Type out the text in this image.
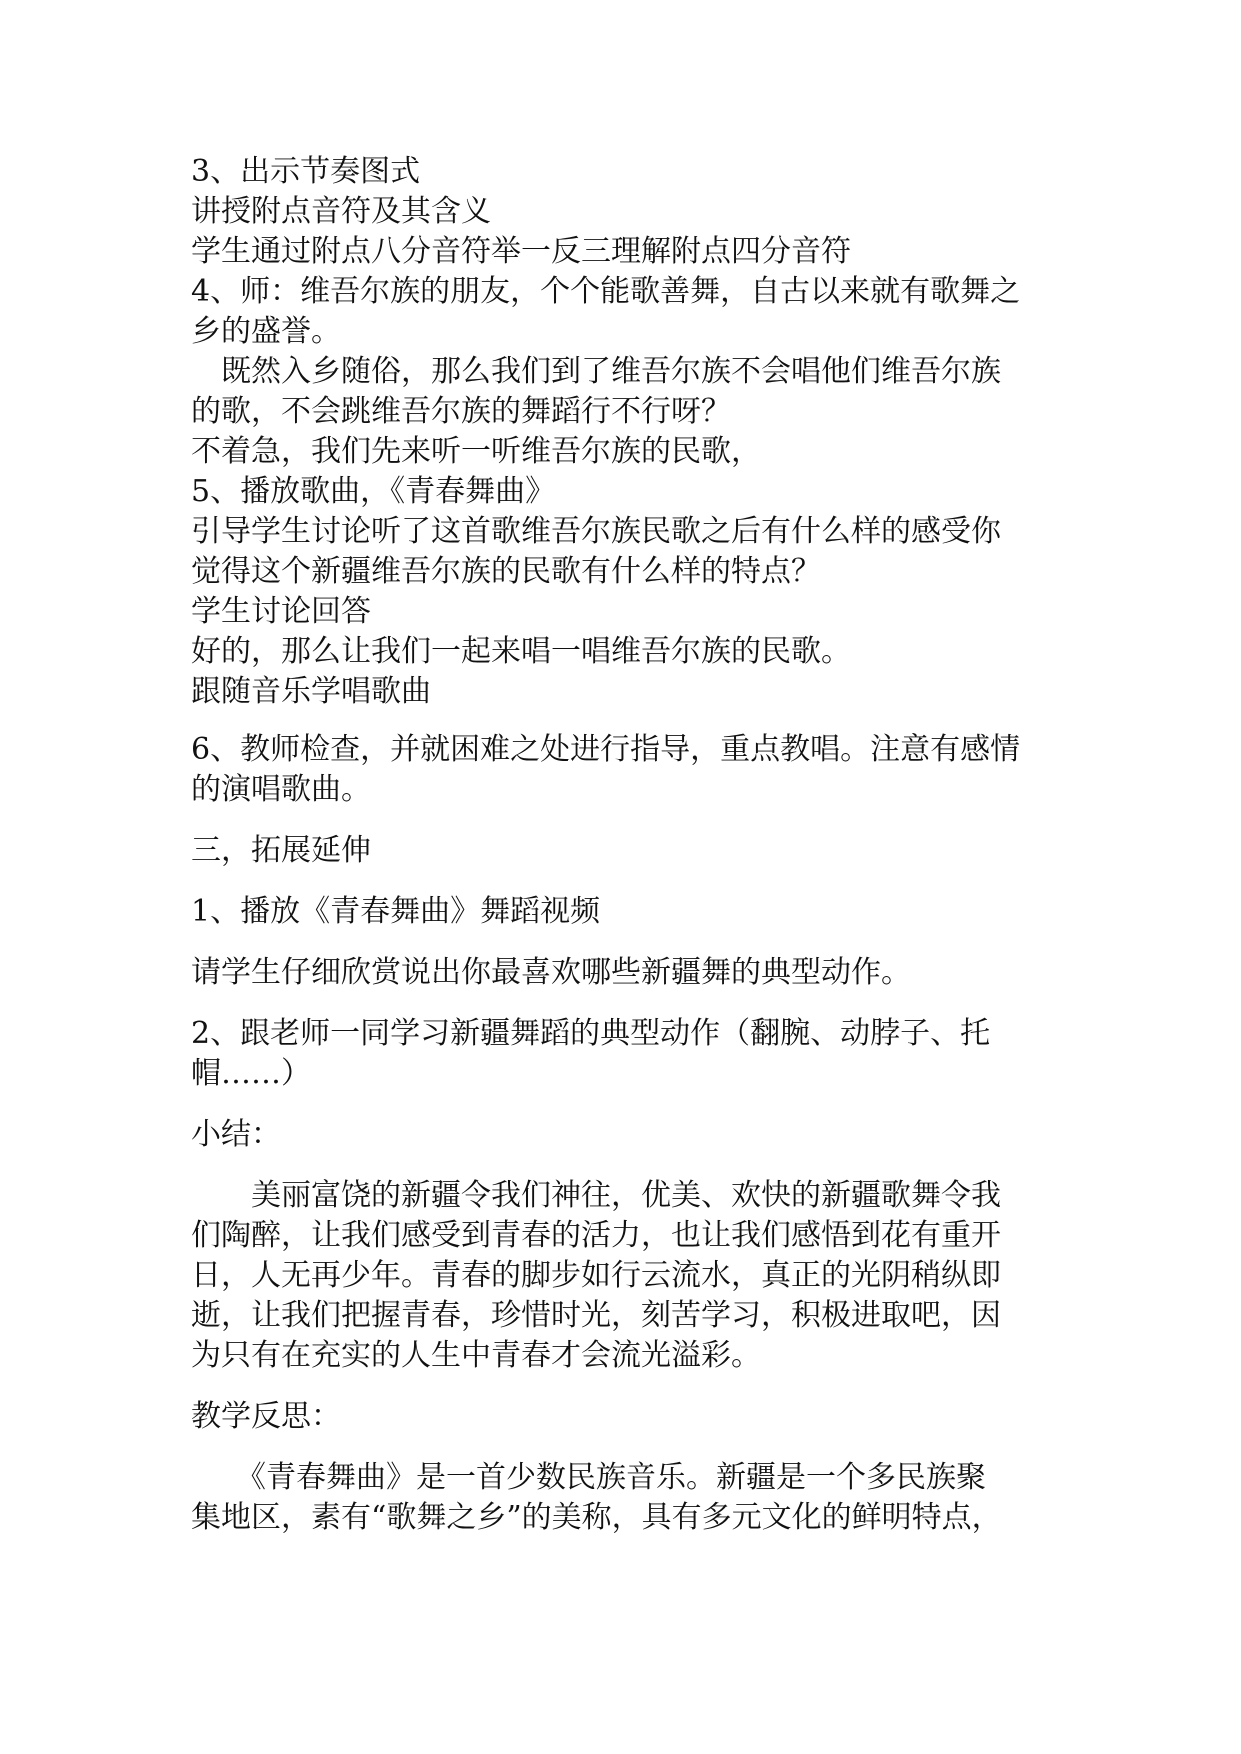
3、出示节奏图式
讲授附点音符及其含义
学生通过附点八分音符举一反三理解附点四分音符
4、师：维吾尔族的朋友，个个能歌善舞，自古以来就有歌舞之
乡的盛誉。
　既然入乡随俗，那么我们到了维吾尔族不会唱他们维吾尔族
的歌，不会跳维吾尔族的舞蹈行不行呀？
不着急，我们先来听一听维吾尔族的民歌，
5、播放歌曲，《青春舞曲》
引导学生讨论听了这首歌维吾尔族民歌之后有什么样的感受你
觉得这个新疆维吾尔族的民歌有什么样的特点？
学生讨论回答
好的，那么让我们一起来唱一唱维吾尔族的民歌。
跟随音乐学唱歌曲
6、教师检查，并就困难之处进行指导，重点教唱。注意有感情
的演唱歌曲。
三，拓展延伸
1、播放《青春舞曲》舞蹈视频
请学生仔细欣赏说出你最喜欢哪些新疆舞的典型动作。
2、跟老师一同学习新疆舞蹈的典型动作（翻腕、动脖子、托
帽……）
小结：
　　美丽富饶的新疆令我们神往，优美、欢快的新疆歌舞令我
们陶醉，让我们感受到青春的活力，也让我们感悟到花有重开
日，人无再少年。青春的脚步如行云流水，真正的光阴稍纵即
逝，让我们把握青春，珍惜时光，刻苦学习，积极进取吧，因
为只有在充实的人生中青春才会流光溢彩。
教学反思：
　　《青春舞曲》是一首少数民族音乐。新疆是一个多民族聚
集地区，素有“歌舞之乡”的美称，具有多元文化的鲜明特点，
